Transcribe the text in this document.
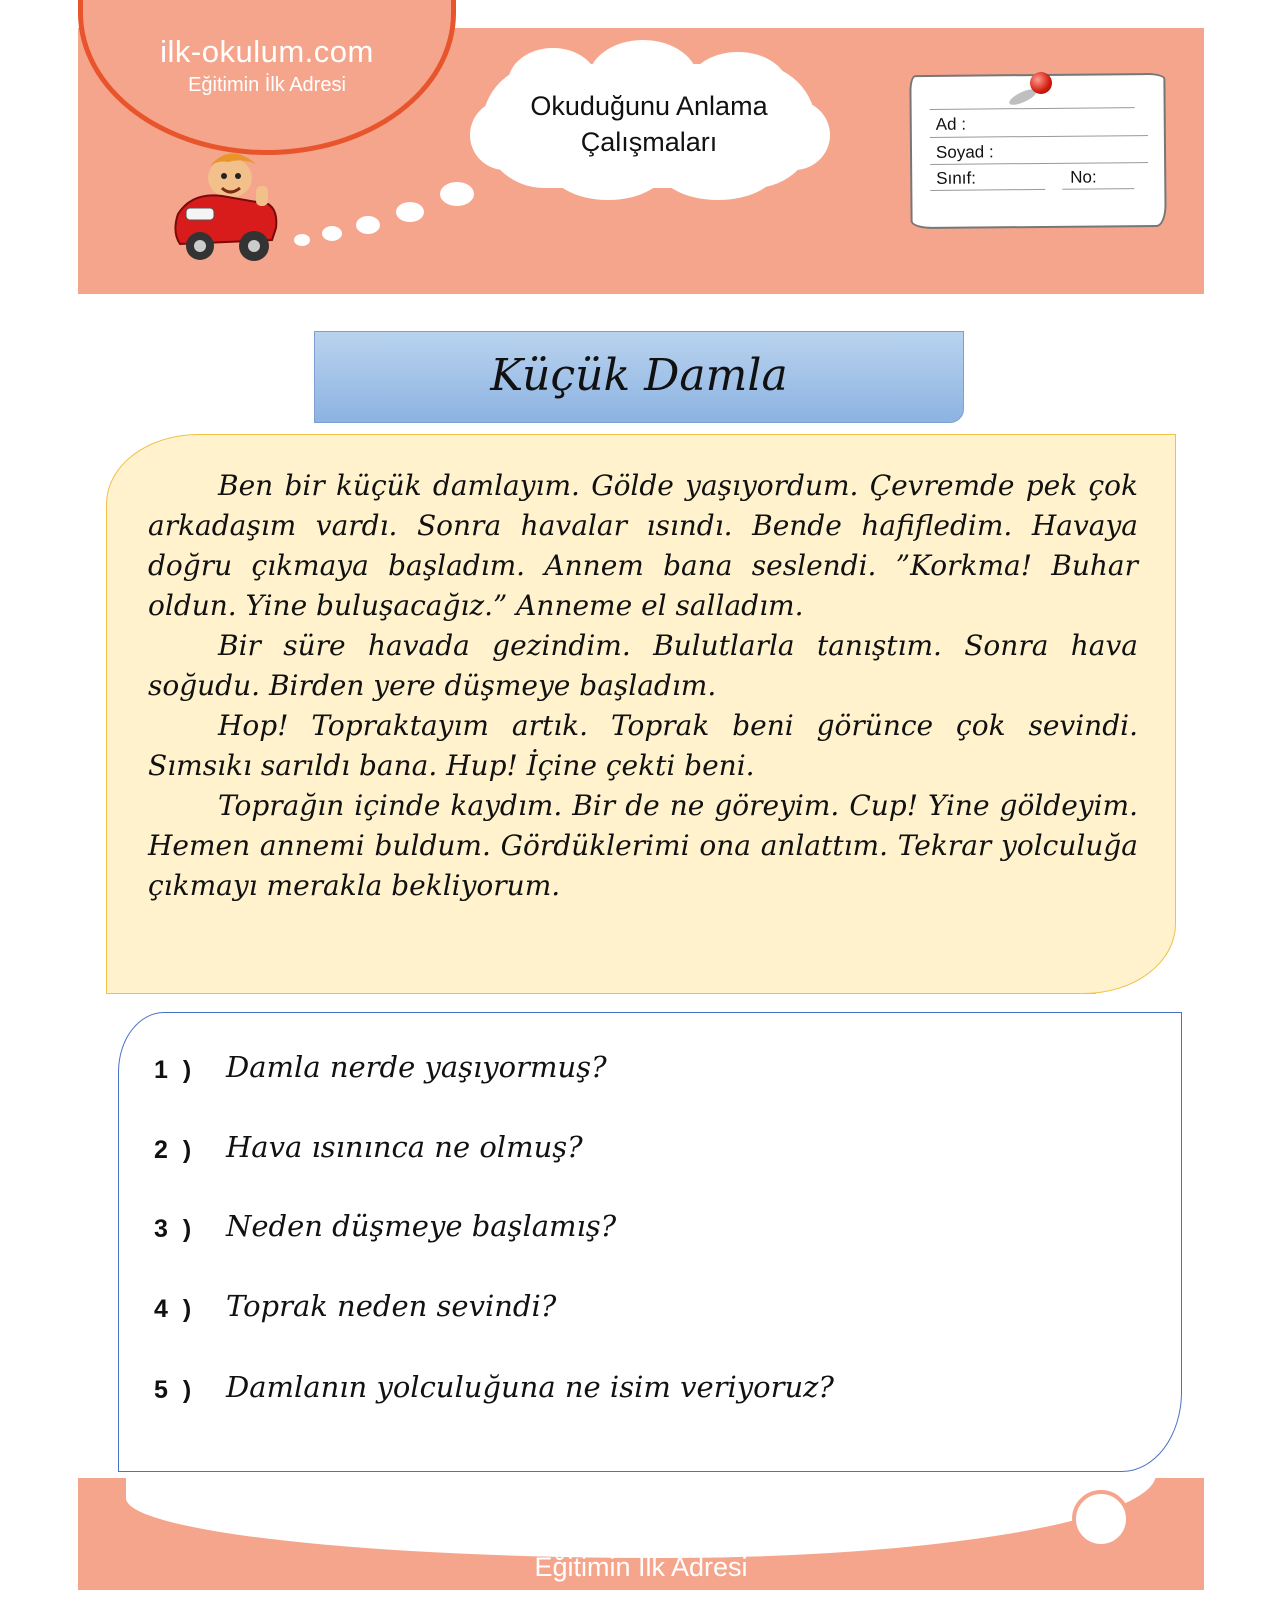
ilk-okulum.com
Eğitimin İlk Adresi
Okuduğunu Anlama
Çalışmaları
Ad :
Soyad :
Sınıf:	No:
Küçük Damla

Ben bir küçük damlayım. Gölde yaşıyordum. Çevremde pek çok arkadaşım vardı. Sonra havalar ısındı. Bende hafifledim. Havaya doğru çıkmaya başladım. Annem bana seslendi. ”Korkma! Buhar oldun. Yine buluşacağız.” Anneme el salladım.

Bir süre havada gezindim. Bulutlarla tanıştım. Sonra hava soğudu. Birden yere düşmeye başladım.

Hop! Topraktayım artık. Toprak beni görünce çok sevindi. Sımsıkı sarıldı bana. Hup! İçine çekti beni.

Toprağın içinde kaydım. Bir de ne göreyim. Cup! Yine göldeyim. Hemen annemi buldum. Gördüklerimi ona anlattım. Tekrar yolculuğa çıkmayı merakla bekliyorum.

1 ) Damla nerde yaşıyormuş?
2 ) Hava ısınınca ne olmuş?
3 ) Neden düşmeye başlamış?
4 ) Toprak neden sevindi?
5 ) Damlanın yolculuğuna ne isim veriyoruz?
ilk-okulum.com
Eğitimin İlk Adresi
